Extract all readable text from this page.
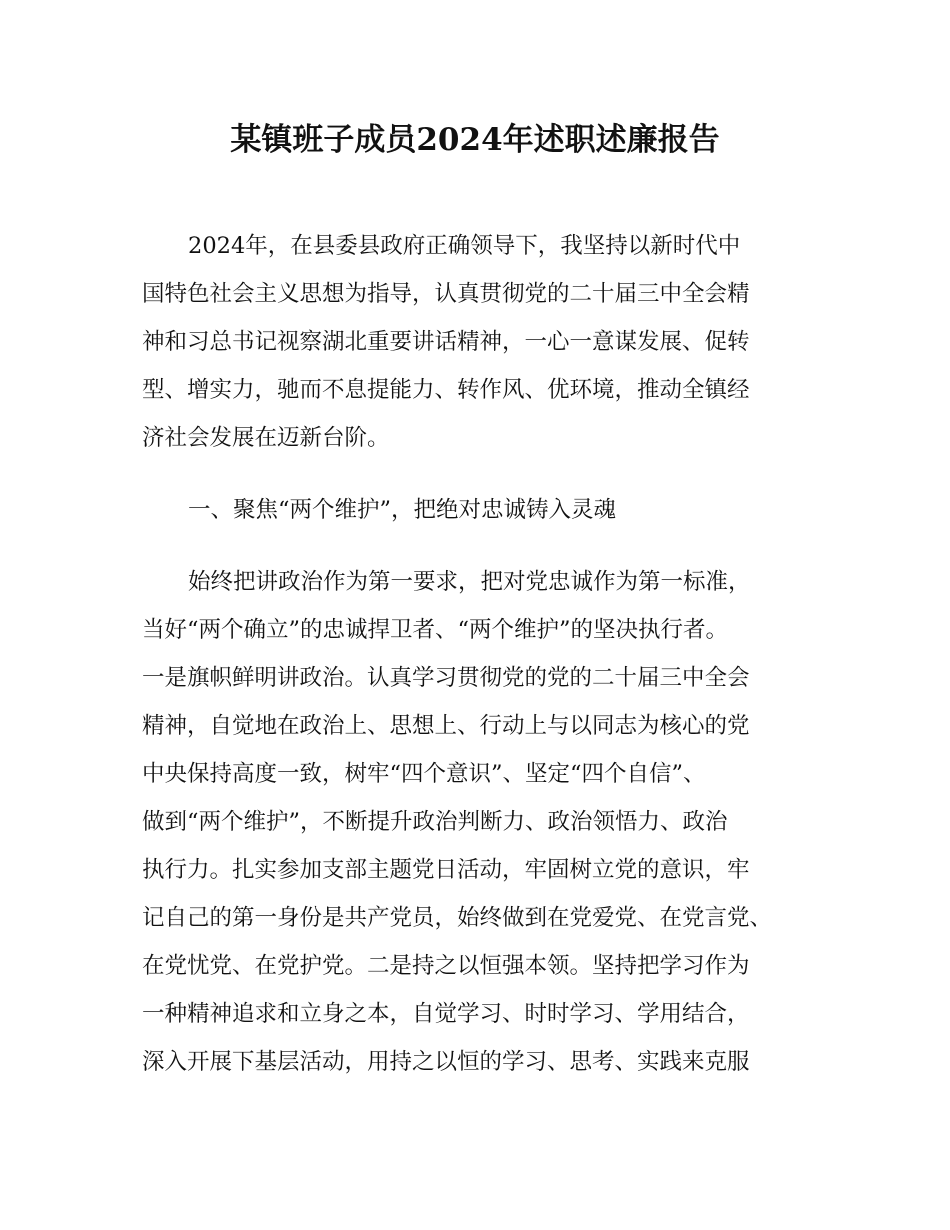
某镇班子成员2024年述职述廉报告

2024年，在县委县政府正确领导下，我坚持以新时代中

国特色社会主义思想为指导，认真贯彻党的二十届三中全会精

神和习总书记视察湖北重要讲话精神，一心一意谋发展、促转

型、增实力，驰而不息提能力、转作风、优环境，推动全镇经

济社会发展在迈新台阶。

一、聚焦“两个维护”，把绝对忠诚铸入灵魂

始终把讲政治作为第一要求，把对党忠诚作为第一标准，

当好“两个确立”的忠诚捍卫者、“两个维护”的坚决执行者。

一是旗帜鲜明讲政治。认真学习贯彻党的党的二十届三中全会

精神，自觉地在政治上、思想上、行动上与以同志为核心的党

中央保持高度一致，树牢“四个意识”、坚定“四个自信”、

做到“两个维护”，不断提升政治判断力、政治领悟力、政治

执行力。扎实参加支部主题党日活动，牢固树立党的意识，牢

记自己的第一身份是共产党员，始终做到在党爱党、在党言党、

在党忧党、在党护党。二是持之以恒强本领。坚持把学习作为

一种精神追求和立身之本，自觉学习、时时学习、学用结合，

深入开展下基层活动，用持之以恒的学习、思考、实践来克服
